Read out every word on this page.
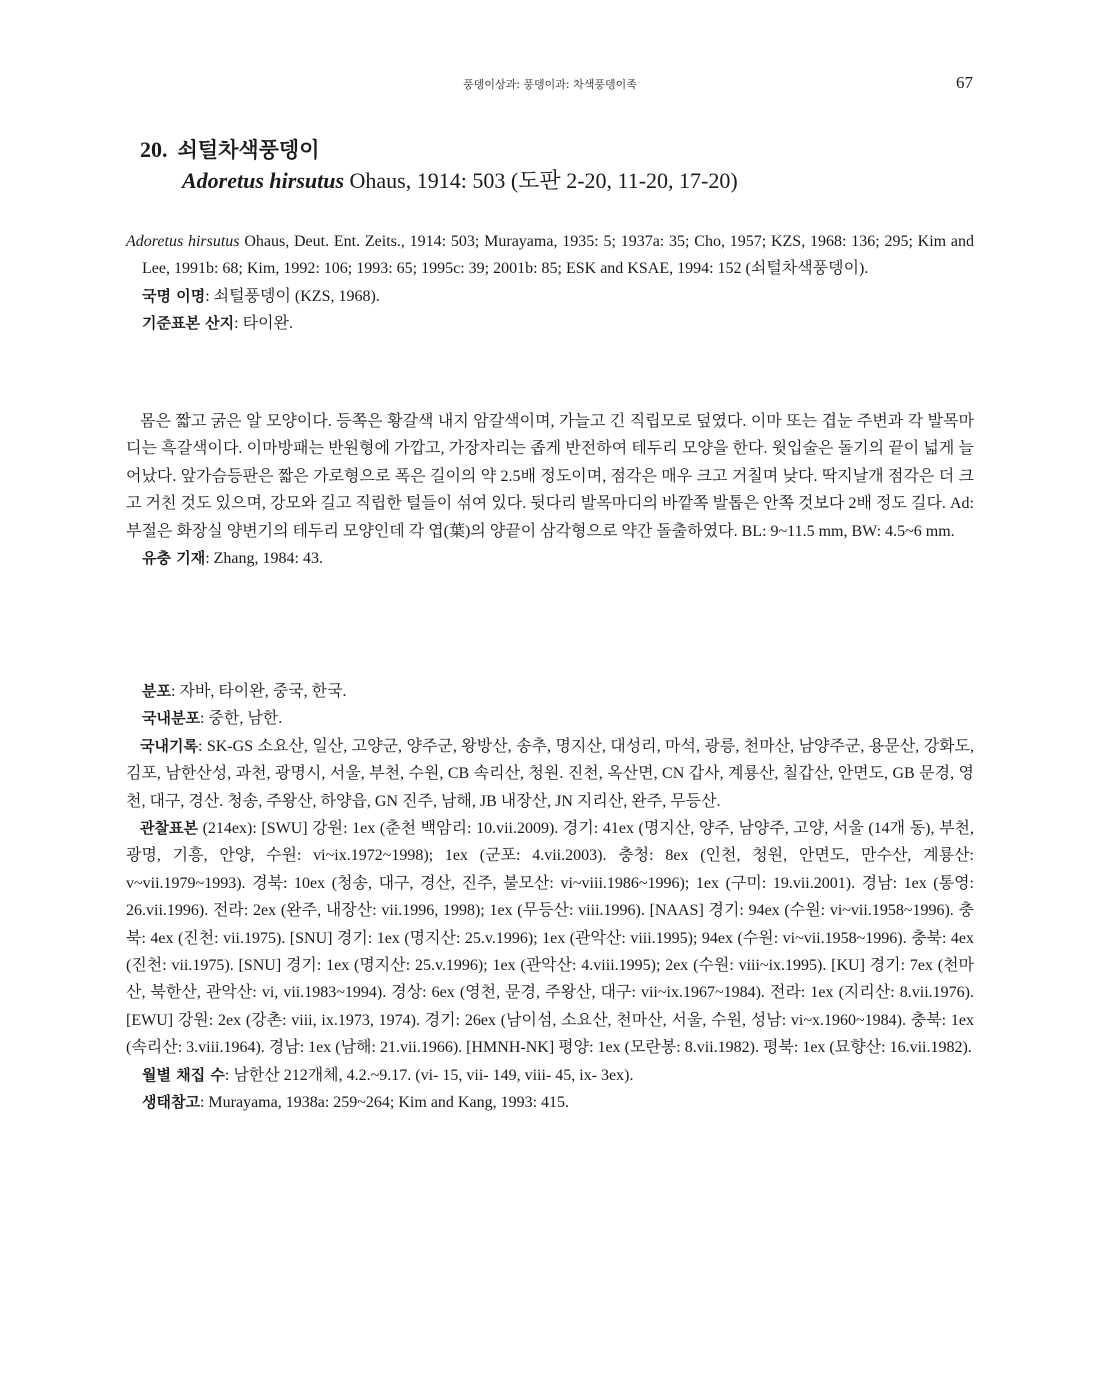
풍뎅이상과: 풍뎅이과: 차색풍뎅이족	67

20. 쇠털차색풍뎅이

Adoretus hirsutus Ohaus, 1914: 503 (도판 2-20, 11-20, 17-20)

Adoretus hirsutus Ohaus, Deut. Ent. Zeits., 1914: 503; Murayama, 1935: 5; 1937a: 35; Cho, 1957; KZS, 1968: 136; 295; Kim and Lee, 1991b: 68; Kim, 1992: 106; 1993: 65; 1995c: 39; 2001b: 85; ESK and KSAE, 1994: 152 (쇠털차색풍뎅이).

국명 이명: 쇠털풍뎅이 (KZS, 1968).

기준표본 산지: 타이완.

몸은 짧고 굵은 알 모양이다. 등쪽은 황갈색 내지 암갈색이며, 가늘고 긴 직립모로 덮였다. 이마 또는 겹눈 주변과 각 발목마디는 흑갈색이다. 이마방패는 반원형에 가깝고, 가장자리는 좁게 반전하여 테두리 모양을 한다. 윗입술은 돌기의 끝이 넓게 늘어났다. 앞가슴등판은 짧은 가로형으로 폭은 길이의 약 2.5배 정도이며, 점각은 매우 크고 거칠며 낮다. 딱지날개 점각은 더 크고 거친 것도 있으며, 강모와 길고 직립한 털들이 섞여 있다. 뒷다리 발목마디의 바깥쪽 발톱은 안쪽 것보다 2배 정도 길다. Ad: 부절은 화장실 양변기의 테두리 모양인데 각 엽(葉)의 양끝이 삼각형으로 약간 돌출하였다. BL: 9~11.5 mm, BW: 4.5~6 mm.

유충 기재: Zhang, 1984: 43.

분포: 자바, 타이완, 중국, 한국.

국내분포: 중한, 남한.

국내기록: SK-GS 소요산, 일산, 고양군, 양주군, 왕방산, 송추, 명지산, 대성리, 마석, 광릉, 천마산, 남양주군, 용문산, 강화도, 김포, 남한산성, 과천, 광명시, 서울, 부천, 수원, CB 속리산, 청원. 진천, 옥산면, CN 갑사, 계룡산, 칠갑산, 안면도, GB 문경, 영천, 대구, 경산. 청송, 주왕산, 하양읍, GN 진주, 남해, JB 내장산, JN 지리산, 완주, 무등산.

관찰표본 (214ex): [SWU] 강원: 1ex (춘천 백암리: 10.vii.2009). 경기: 41ex (명지산, 양주, 남양주, 고양, 서울 (14개 동), 부천, 광명, 기흥, 안양, 수원: vi~ix.1972~1998); 1ex (군포: 4.vii.2003). 충청: 8ex (인천, 청원, 안면도, 만수산, 계룡산: v~vii.1979~1993). 경북: 10ex (청송, 대구, 경산, 진주, 불모산: vi~viii.1986~1996); 1ex (구미: 19.vii.2001). 경남: 1ex (통영: 26.vii.1996). 전라: 2ex (완주, 내장산: vii.1996, 1998); 1ex (무등산: viii.1996). [NAAS] 경기: 94ex (수원: vi~vii.1958~1996). 충북: 4ex (진천: vii.1975). [SNU] 경기: 1ex (명지산: 25.v.1996); 1ex (관악산: viii.1995); 94ex (수원: vi~vii.1958~1996). 충북: 4ex (진천: vii.1975). [SNU] 경기: 1ex (명지산: 25.v.1996); 1ex (관악산: 4.viii.1995); 2ex (수원: viii~ix.1995). [KU] 경기: 7ex (천마산, 북한산, 관악산: vi, vii.1983~1994). 경상: 6ex (영천, 문경, 주왕산, 대구: vii~ix.1967~1984). 전라: 1ex (지리산: 8.vii.1976). [EWU] 강원: 2ex (강촌: viii, ix.1973, 1974). 경기: 26ex (남이섬, 소요산, 천마산, 서울, 수원, 성남: vi~x.1960~1984). 충북: 1ex (속리산: 3.viii.1964). 경남: 1ex (남해: 21.vii.1966). [HMNH-NK] 평양: 1ex (모란봉: 8.vii.1982). 평북: 1ex (묘향산: 16.vii.1982).

월별 채집 수: 남한산 212개체, 4.2.~9.17. (vi- 15, vii- 149, viii- 45, ix- 3ex).

생태참고: Murayama, 1938a: 259~264; Kim and Kang, 1993: 415.
